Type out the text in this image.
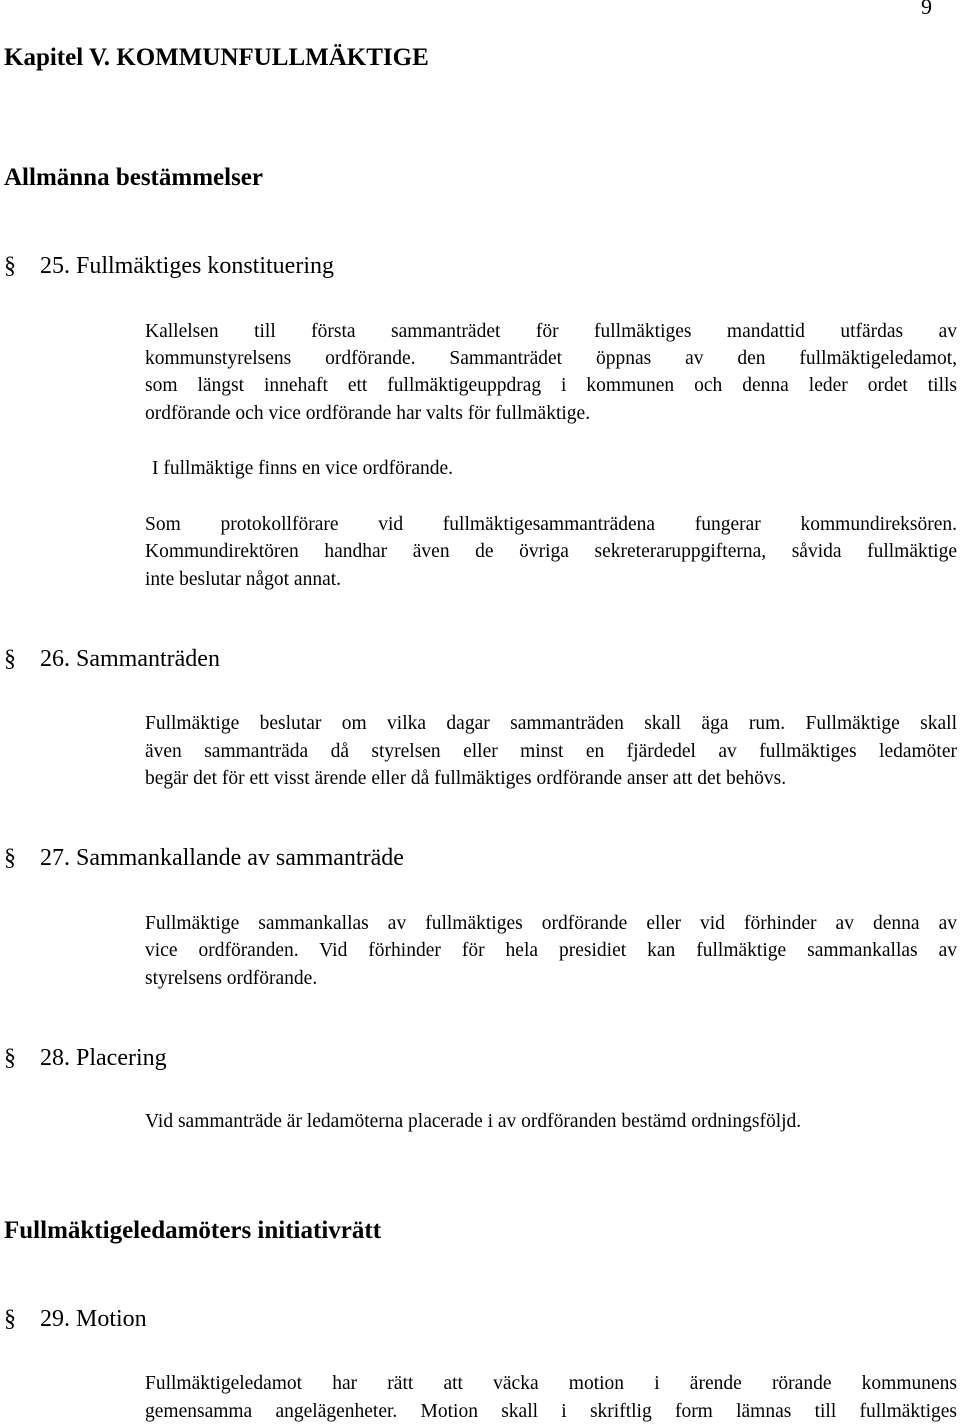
9
Kapitel V. KOMMUNFULLMÄKTIGE
Allmänna bestämmelser
§ 25. Fullmäktiges konstituering
Kallelsen till första sammanträdet för fullmäktiges mandattid utfärdas av
kommunstyrelsens ordförande. Sammanträdet öppnas av den fullmäktigeledamot,
som längst innehaft ett fullmäktigeuppdrag i kommunen och denna leder ordet tills
ordförande och vice ordförande har valts för fullmäktige.
I fullmäktige finns en vice ordförande.
Som protokollförare vid fullmäktigesammanträdena fungerar kommundireksören.
Kommundirektören handhar även de övriga sekreteraruppgifterna, såvida fullmäktige
inte beslutar något annat.
§ 26. Sammanträden
Fullmäktige beslutar om vilka dagar sammanträden skall äga rum. Fullmäktige skall
även sammanträda då styrelsen eller minst en fjärdedel av fullmäktiges ledamöter
begär det för ett visst ärende eller då fullmäktiges ordförande anser att det behövs.
§ 27. Sammankallande av sammanträde
Fullmäktige sammankallas av fullmäktiges ordförande eller vid förhinder av denna av
vice ordföranden. Vid förhinder för hela presidiet kan fullmäktige sammankallas av
styrelsens ordförande.
§ 28. Placering
Vid sammanträde är ledamöterna placerade i av ordföranden bestämd ordningsföljd.
Fullmäktigeledamöters initiativrätt
§ 29. Motion
Fullmäktigeledamot har rätt att väcka motion i ärende rörande kommunens
gemensamma angelägenheter. Motion skall i skriftlig form lämnas till fullmäktiges
